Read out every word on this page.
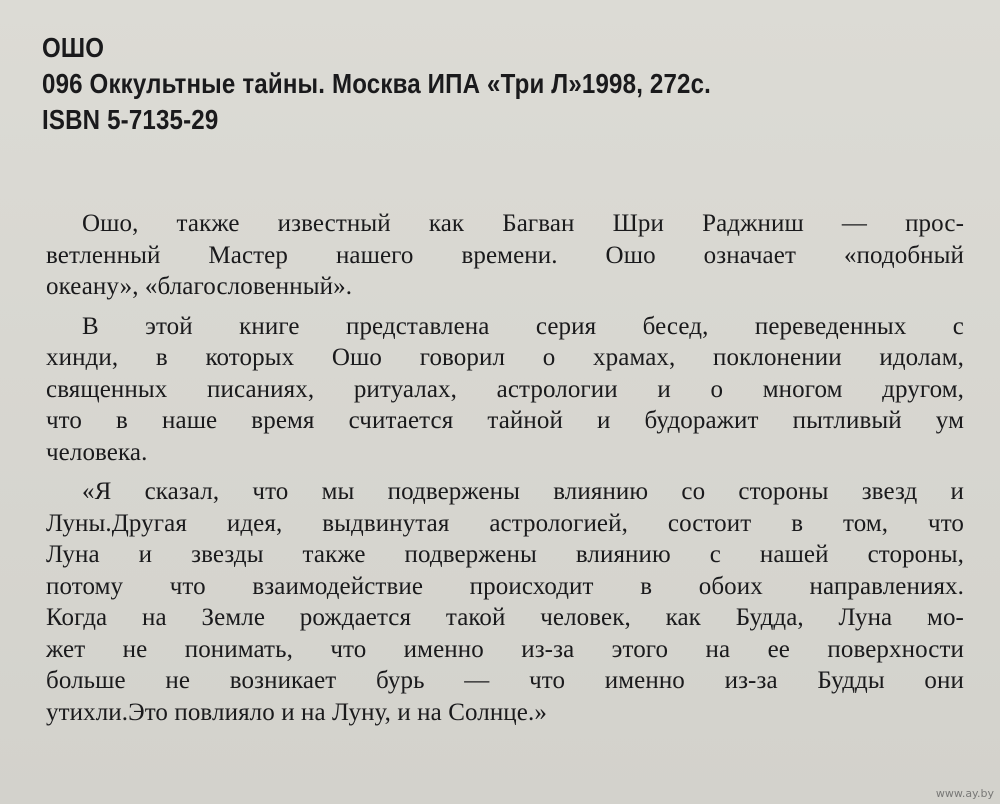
ОШО
096 Оккультные тайны. Москва ИПА «Три Л»1998, 272с.
ISBN 5-7135-29
Ошо, также известный как Багван Шри Раджниш — прос-
ветленный Мастер нашего времени. Ошо означает «подобный
океану», «благословенный».
В этой книге представлена серия бесед, переведенных с
хинди, в которых Ошо говорил о храмах, поклонении идолам,
священных писаниях, ритуалах, астрологии и о многом другом,
что в наше время считается тайной и будоражит пытливый ум
человека.
«Я сказал, что мы подвержены влиянию со стороны звезд и
Луны.Другая идея, выдвинутая астрологией, состоит в том, что
Луна и звезды также подвержены влиянию с нашей стороны,
потому что взаимодействие происходит в обоих направлениях.
Когда на Земле рождается такой человек, как Будда, Луна мо-
жет не понимать, что именно из-за этого на ее поверхности
больше не возникает бурь — что именно из-за Будды они
утихли.Это повлияло и на Луну, и на Солнце.»
www.ay.by
